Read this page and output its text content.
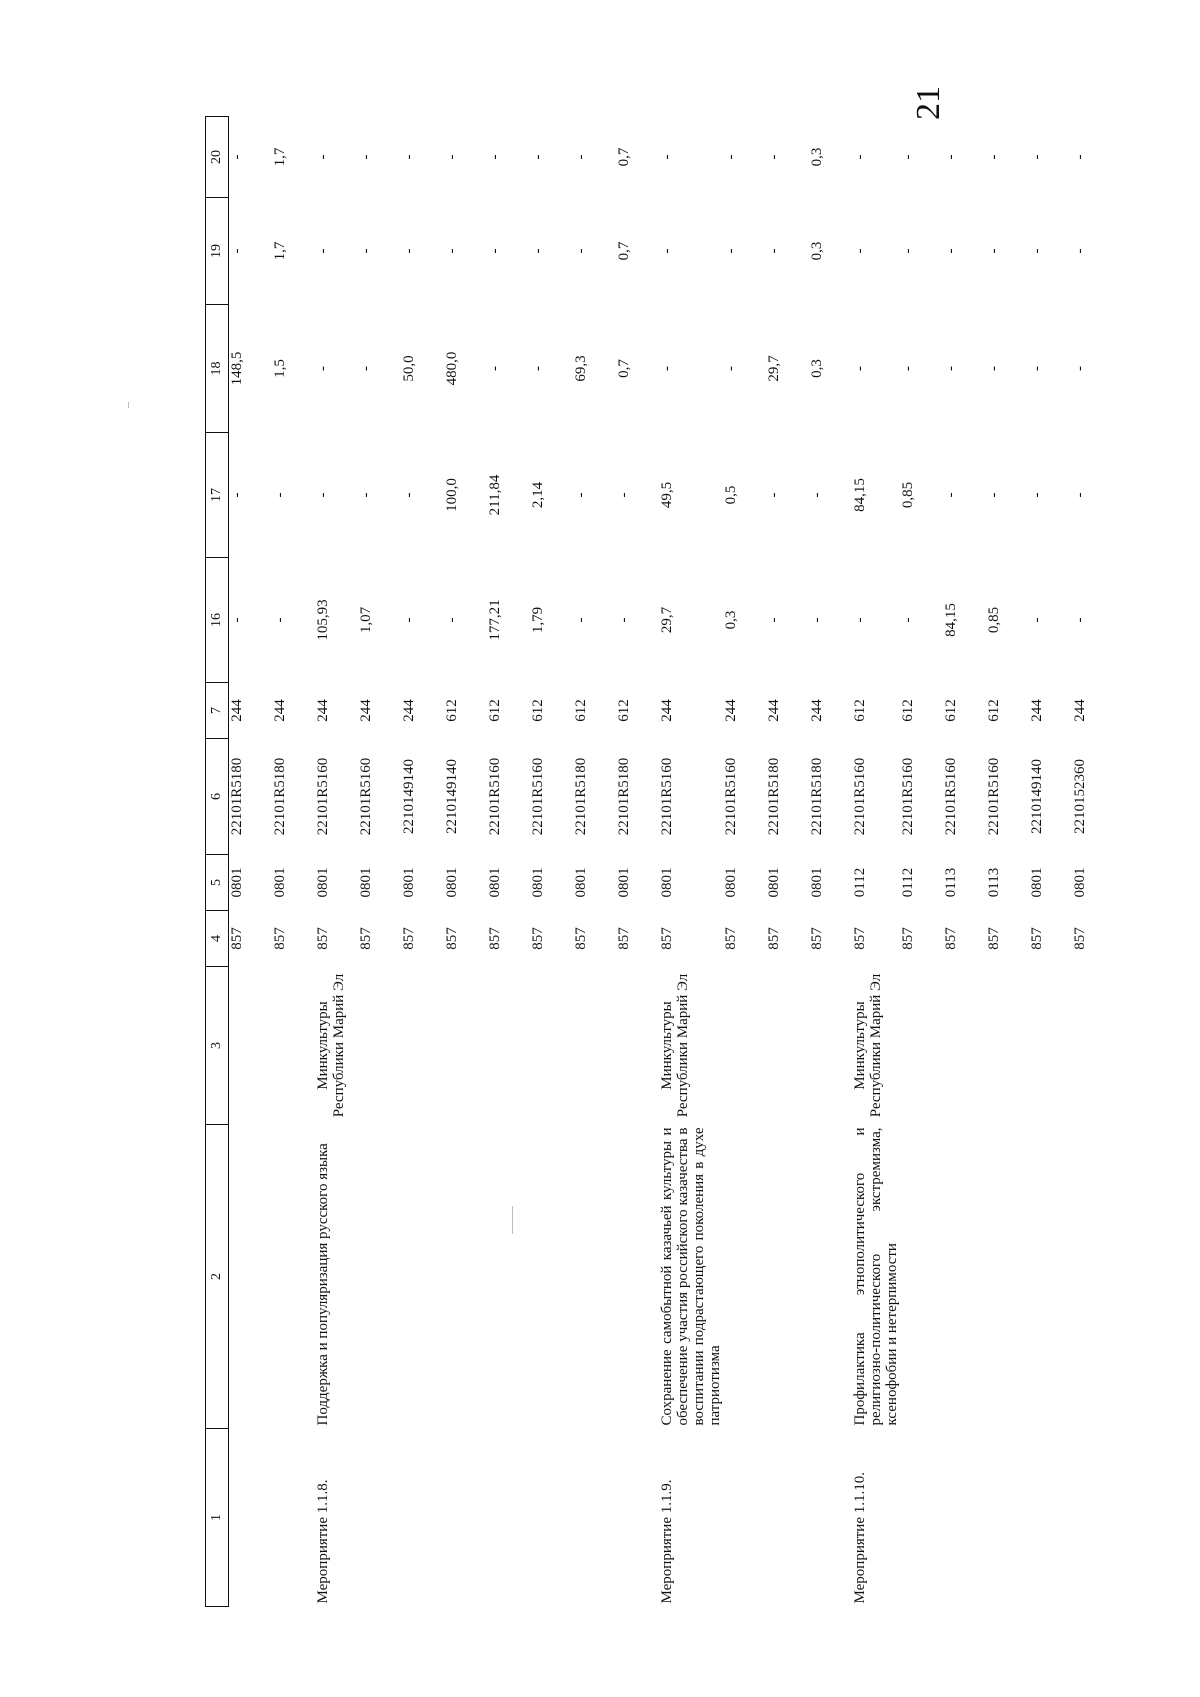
21
1	2	3	4	5	6	7	16	17	18	19	20
			857	0801	22101R5180	244	-	-	148,5	-	-
			857	0801	22101R5180	244	-	-	1,5	1,7	1,7
Мероприятие 1.1.8.	Поддержка и популяризация русского языка	Минкультуры Республики Марий Эл	857	0801	22101R5160	244	105,93	-	-	-	-
			857	0801	22101R5160	244	1,07	-	-	-	-
			857	0801	2210149140	244	-	-	50,0	-	-
			857	0801	2210149140	612	-	100,0	480,0	-	-
			857	0801	22101R5160	612	177,21	211,84	-	-	-
			857	0801	22101R5160	612	1,79	2,14	-	-	-
			857	0801	22101R5180	612	-	-	69,3	-	-
			857	0801	22101R5180	612	-	-	0,7	0,7	0,7
Мероприятие 1.1.9.	Сохранение самобытной казачьей культуры и обеспечение участия российского казачества в воспитании подрастающего поколения в духе патриотизма	Минкультуры Республики Марий Эл	857	0801	22101R5160	244	29,7	49,5	-	-	-
			857	0801	22101R5160	244	0,3	0,5	-	-	-
			857	0801	22101R5180	244	-	-	29,7	-	-
			857	0801	22101R5180	244	-	-	0,3	0,3	0,3
Мероприятие 1.1.10.	Профилактика этнополитического и религиозно-политического экстремизма, ксенофобии и нетерпимости	Минкультуры Республики Марий Эл	857	0112	22101R5160	612	-	84,15	-	-	-
			857	0112	22101R5160	612	-	0,85	-	-	-
			857	0113	22101R5160	612	84,15	-	-	-	-
			857	0113	22101R5160	612	0,85	-	-	-	-
			857	0801	2210149140	244	-	-	-	-	-
			857	0801	2210152360	244	-	-	-	-	-
